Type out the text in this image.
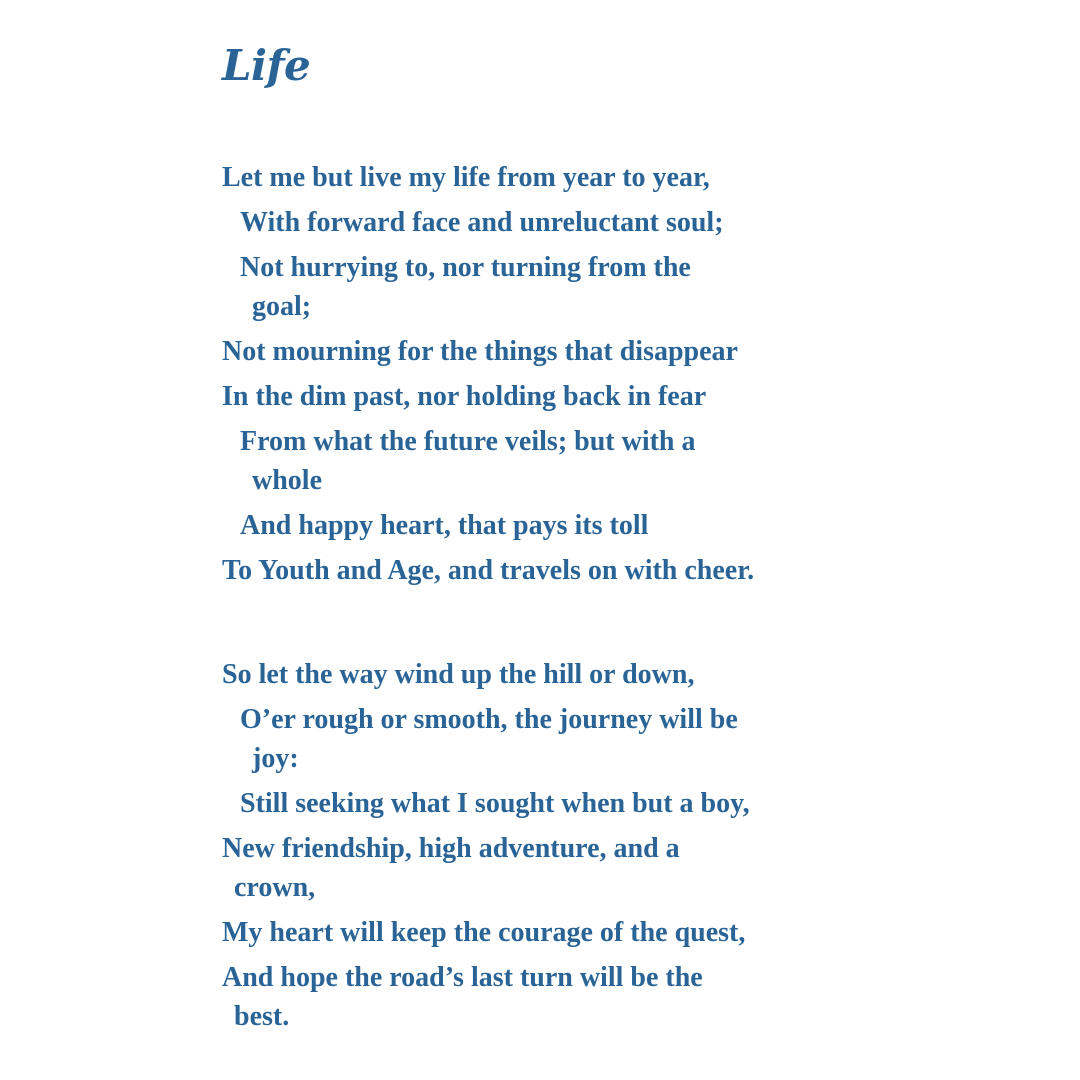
Life
Let me but live my life from year to year,
With forward face and unreluctant soul;
Not hurrying to, nor turning from the
goal;
Not mourning for the things that disappear
In the dim past, nor holding back in fear
From what the future veils; but with a
whole
And happy heart, that pays its toll
To Youth and Age, and travels on with cheer.
So let the way wind up the hill or down,
O’er rough or smooth, the journey will be
joy:
Still seeking what I sought when but a boy,
New friendship, high adventure, and a
crown,
My heart will keep the courage of the quest,
And hope the road’s last turn will be the
best.
